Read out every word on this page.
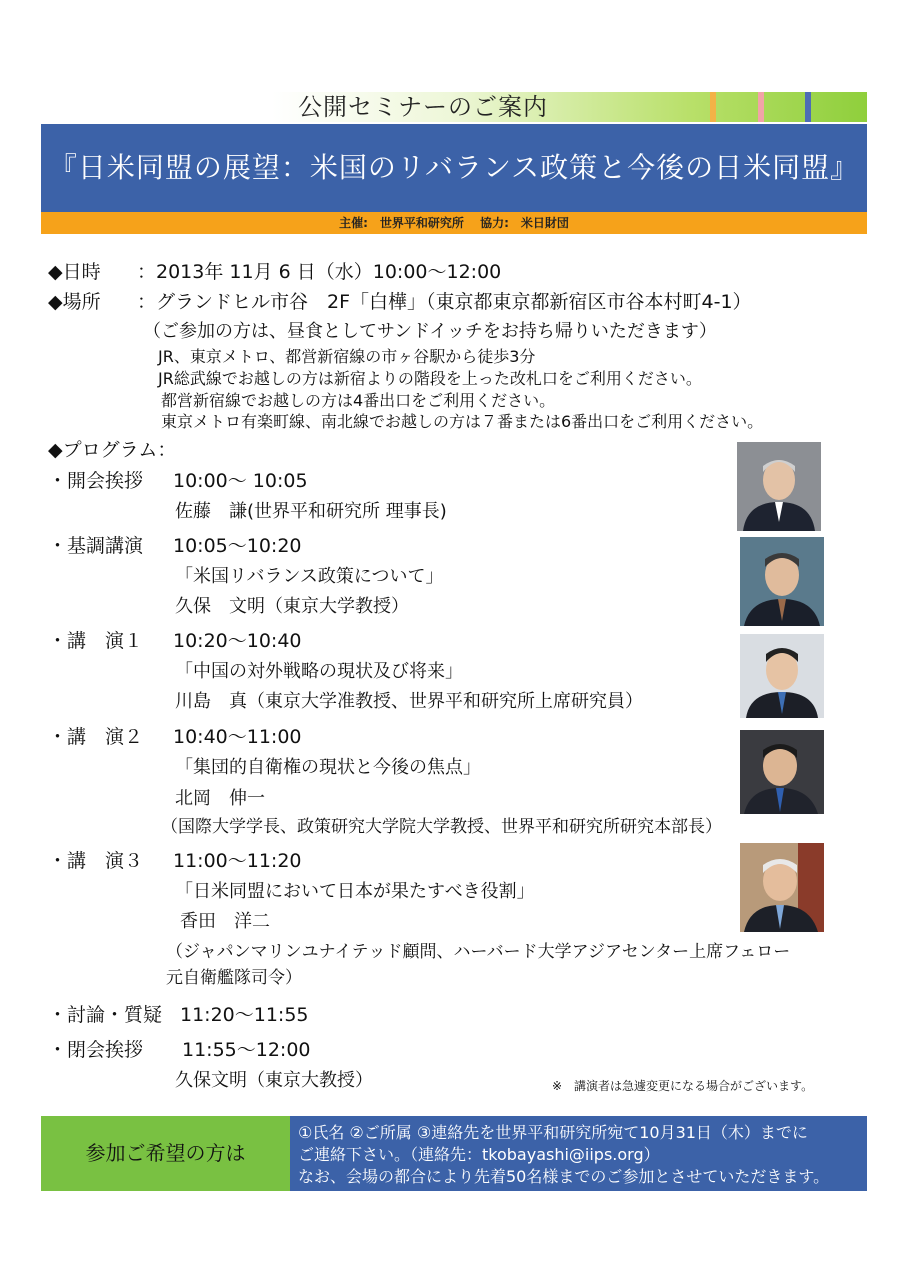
公開セミナーのご案内
『日米同盟の展望：米国のリバランス政策と今後の日米同盟』
主催:　世界平和研究所　 協力:　米日財団
◆日時 ：2013年 11月 6 日（水）10:00～12:00
◆場所 ：グランドヒル市谷　2F「白樺」（東京都東京都新宿区市谷本村町4-1）
（ご参加の方は、昼食としてサンドイッチをお持ち帰りいただきます）
JR、東京メトロ、都営新宿線の市ヶ谷駅から徒歩3分
JR総武線でお越しの方は新宿よりの階段を上った改札口をご利用ください。
都営新宿線でお越しの方は4番出口をご利用ください。
東京メトロ有楽町線、南北線でお越しの方は７番または6番出口をご利用ください。
◆プログラム：
・開会挨拶 10:00～ 10:05
佐藤　謙(世界平和研究所 理事長)
・基調講演 10:05～10:20
「米国リバランス政策について」
久保　文明（東京大学教授）
・講　演１ 10:20～10:40
「中国の対外戦略の現状及び将来」
川島　真（東京大学准教授、世界平和研究所上席研究員）
・講　演２ 10:40～11:00
「集団的自衛権の現状と今後の焦点」
北岡　伸一
（国際大学学長、政策研究大学院大学教授、世界平和研究所研究本部長）
・講　演３ 11:00～11:20
「日米同盟において日本が果たすべき役割」
香田　洋二
（ジャパンマリンユナイテッド顧問、ハーバード大学アジアセンター上席フェロー
元自衛艦隊司令）
・討論・質疑 11:20～11:55
・閉会挨拶 11:55～12:00
久保文明（東京大教授）	※　講演者は急遽変更になる場合がございます。
参加ご希望の方は
①氏名 ②ご所属 ③連絡先を世界平和研究所宛て10月31日（木）までに
ご連絡下さい。（連絡先：tkobayashi@iips.org）
なお、会場の都合により先着50名様までのご参加とさせていただきます。
